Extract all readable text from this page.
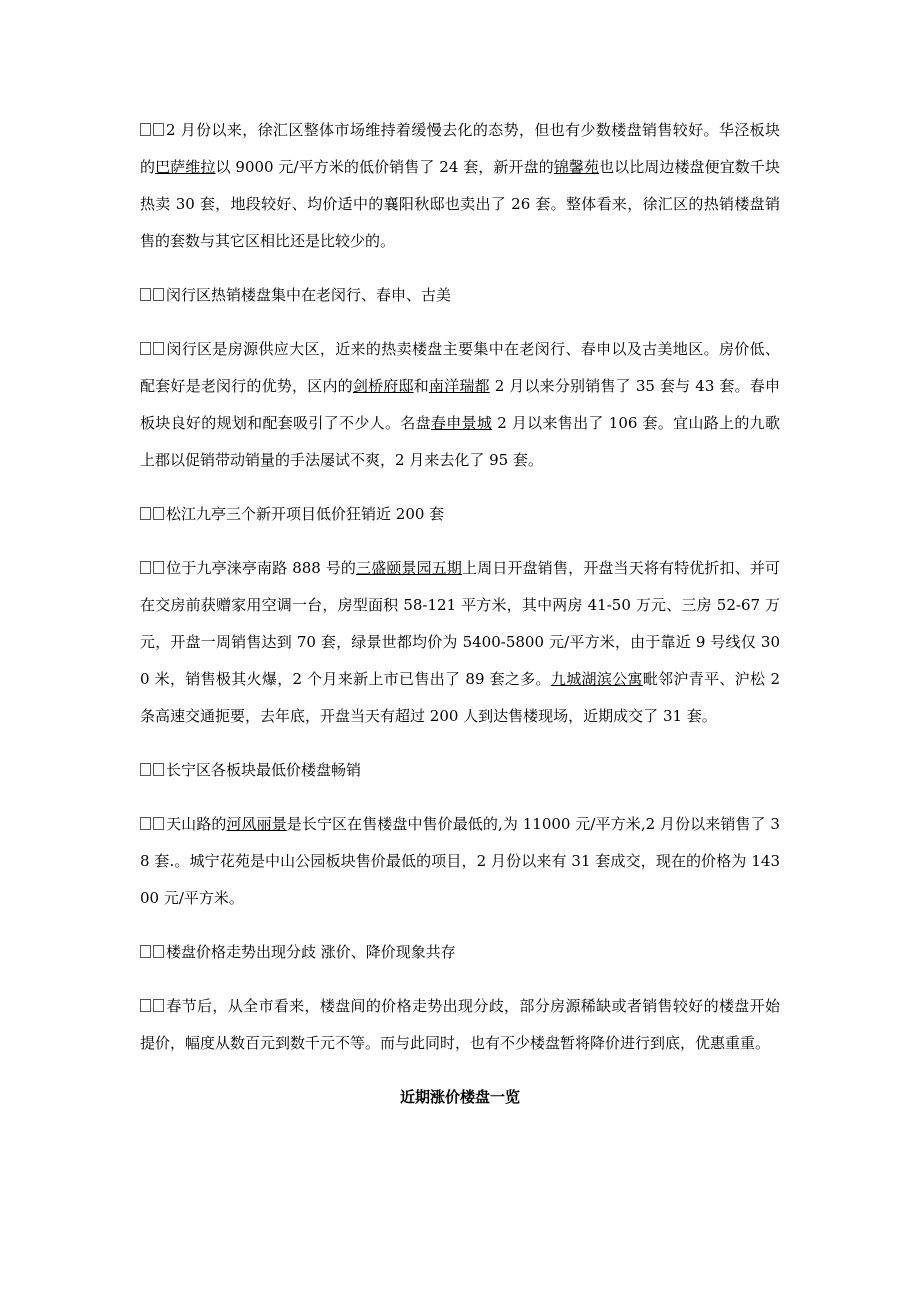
2 月份以来，徐汇区整体市场维持着缓慢去化的态势，但也有少数楼盘销售较好。华泾板块的巴萨维拉以 9000 元/平方米的低价销售了 24 套，新开盘的锦馨苑也以比周边楼盘便宜数千块热卖 30 套，地段较好、均价适中的襄阳秋邸也卖出了 26 套。整体看来，徐汇区的热销楼盘销售的套数与其它区相比还是比较少的。
闵行区热销楼盘集中在老闵行、春申、古美
闵行区是房源供应大区，近来的热卖楼盘主要集中在老闵行、春申以及古美地区。房价低、配套好是老闵行的优势，区内的剑桥府邸和南洋瑞都 2 月以来分别销售了 35 套与 43 套。春申板块良好的规划和配套吸引了不少人。名盘春申景城 2 月以来售出了 106 套。宜山路上的九歌上郡以促销带动销量的手法屡试不爽，2 月来去化了 95 套。
松江九亭三个新开项目低价狂销近 200 套
位于九亭涞亭南路 888 号的三盛颐景园五期上周日开盘销售，开盘当天将有特优折扣、并可在交房前获赠家用空调一台，房型面积 58-121 平方米，其中两房 41-50 万元、三房 52-67 万元，开盘一周销售达到 70 套，绿景世都均价为 5400-5800 元/平方米，由于靠近 9 号线仅 300 米，销售极其火爆，2 个月来新上市已售出了 89 套之多。九城湖滨公寓毗邻沪青平、沪松 2 条高速交通扼要，去年底，开盘当天有超过 200 人到达售楼现场，近期成交了 31 套。
长宁区各板块最低价楼盘畅销
天山路的河风丽景是长宁区在售楼盘中售价最低的,为 11000 元/平方米,2 月份以来销售了 38 套.。城宁花苑是中山公园板块售价最低的项目，2 月份以来有 31 套成交，现在的价格为 14300 元/平方米。
楼盘价格走势出现分歧 涨价、降价现象共存
春节后，从全市看来，楼盘间的价格走势出现分歧，部分房源稀缺或者销售较好的楼盘开始提价，幅度从数百元到数千元不等。而与此同时，也有不少楼盘暂将降价进行到底，优惠重重。
近期涨价楼盘一览
